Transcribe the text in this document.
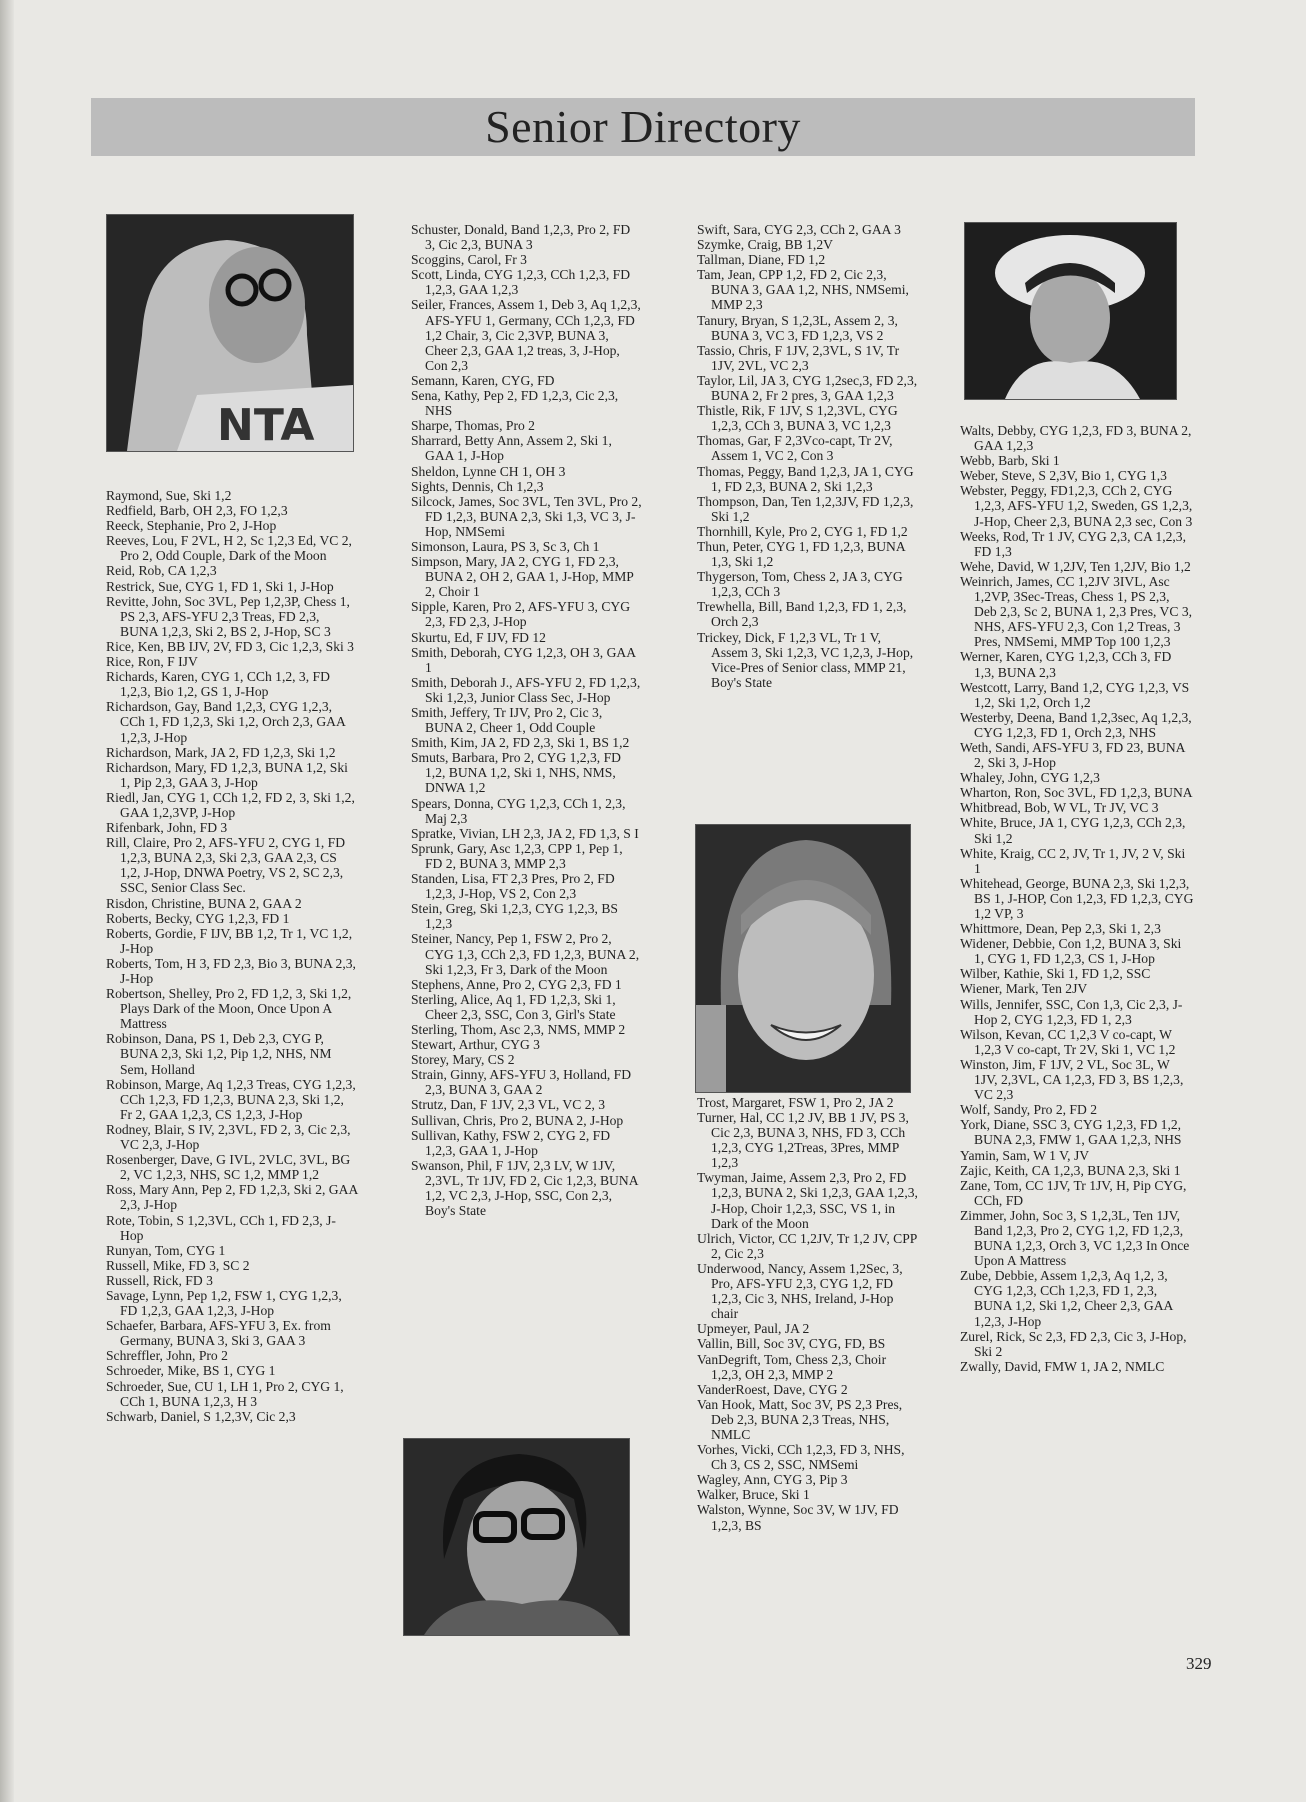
Senior Directory
NTA

Raymond, Sue, Ski 1,2

Redfield, Barb, OH 2,3, FO 1,2,3

Reeck, Stephanie, Pro 2, J-Hop

Reeves, Lou, F 2VL, H 2, Sc 1,2,3 Ed, VC 2, Pro 2, Odd Couple, Dark of the Moon

Reid, Rob, CA 1,2,3

Restrick, Sue, CYG 1, FD 1, Ski 1, J-Hop

Revitte, John, Soc 3VL, Pep 1,2,3P, Chess 1, PS 2,3, AFS-YFU 2,3 Treas, FD 2,3, BUNA 1,2,3, Ski 2, BS 2, J-Hop, SC 3

Rice, Ken, BB IJV, 2V, FD 3, Cic 1,2,3, Ski 3

Rice, Ron, F IJV

Richards, Karen, CYG 1, CCh 1,2, 3, FD 1,2,3, Bio 1,2, GS 1, J-Hop

Richardson, Gay, Band 1,2,3, CYG 1,2,3, CCh 1, FD 1,2,3, Ski 1,2, Orch 2,3, GAA 1,2,3, J-Hop

Richardson, Mark, JA 2, FD 1,2,3, Ski 1,2

Richardson, Mary, FD 1,2,3, BUNA 1,2, Ski 1, Pip 2,3, GAA 3, J-Hop

Riedl, Jan, CYG 1, CCh 1,2, FD 2, 3, Ski 1,2, GAA 1,2,3VP, J-Hop

Rifenbark, John, FD 3

Rill, Claire, Pro 2, AFS-YFU 2, CYG 1, FD 1,2,3, BUNA 2,3, Ski 2,3, GAA 2,3, CS 1,2, J-Hop, DNWA Poetry, VS 2, SC 2,3, SSC, Senior Class Sec.

Risdon, Christine, BUNA 2, GAA 2

Roberts, Becky, CYG 1,2,3, FD 1

Roberts, Gordie, F IJV, BB 1,2, Tr 1, VC 1,2, J-Hop

Roberts, Tom, H 3, FD 2,3, Bio 3, BUNA 2,3, J-Hop

Robertson, Shelley, Pro 2, FD 1,2, 3, Ski 1,2, Plays Dark of the Moon, Once Upon A Mattress

Robinson, Dana, PS 1, Deb 2,3, CYG P, BUNA 2,3, Ski 1,2, Pip 1,2, NHS, NM Sem, Holland

Robinson, Marge, Aq 1,2,3 Treas, CYG 1,2,3, CCh 1,2,3, FD 1,2,3, BUNA 2,3, Ski 1,2, Fr 2, GAA 1,2,3, CS 1,2,3, J-Hop

Rodney, Blair, S IV, 2,3VL, FD 2, 3, Cic 2,3, VC 2,3, J-Hop

Rosenberger, Dave, G IVL, 2VLC, 3VL, BG 2, VC 1,2,3, NHS, SC 1,2, MMP 1,2

Ross, Mary Ann, Pep 2, FD 1,2,3, Ski 2, GAA 2,3, J-Hop

Rote, Tobin, S 1,2,3VL, CCh 1, FD 2,3, J-Hop

Runyan, Tom, CYG 1

Russell, Mike, FD 3, SC 2

Russell, Rick, FD 3

Savage, Lynn, Pep 1,2, FSW 1, CYG 1,2,3, FD 1,2,3, GAA 1,2,3, J-Hop

Schaefer, Barbara, AFS-YFU 3, Ex. from Germany, BUNA 3, Ski 3, GAA 3

Schreffler, John, Pro 2

Schroeder, Mike, BS 1, CYG 1

Schroeder, Sue, CU 1, LH 1, Pro 2, CYG 1, CCh 1, BUNA 1,2,3, H 3

Schwarb, Daniel, S 1,2,3V, Cic 2,3

Schuster, Donald, Band 1,2,3, Pro 2, FD 3, Cic 2,3, BUNA 3

Scoggins, Carol, Fr 3

Scott, Linda, CYG 1,2,3, CCh 1,2,3, FD 1,2,3, GAA 1,2,3

Seiler, Frances, Assem 1, Deb 3, Aq 1,2,3, AFS-YFU 1, Germany, CCh 1,2,3, FD 1,2 Chair, 3, Cic 2,3VP, BUNA 3, Cheer 2,3, GAA 1,2 treas, 3, J-Hop, Con 2,3

Semann, Karen, CYG, FD

Sena, Kathy, Pep 2, FD 1,2,3, Cic 2,3, NHS

Sharpe, Thomas, Pro 2

Sharrard, Betty Ann, Assem 2, Ski 1, GAA 1, J-Hop

Sheldon, Lynne CH 1, OH 3

Sights, Dennis, Ch 1,2,3

Silcock, James, Soc 3VL, Ten 3VL, Pro 2, FD 1,2,3, BUNA 2,3, Ski 1,3, VC 3, J-Hop, NMSemi

Simonson, Laura, PS 3, Sc 3, Ch 1

Simpson, Mary, JA 2, CYG 1, FD 2,3, BUNA 2, OH 2, GAA 1, J-Hop, MMP 2, Choir 1

Sipple, Karen, Pro 2, AFS-YFU 3, CYG 2,3, FD 2,3, J-Hop

Skurtu, Ed, F IJV, FD 12

Smith, Deborah, CYG 1,2,3, OH 3, GAA 1

Smith, Deborah J., AFS-YFU 2, FD 1,2,3, Ski 1,2,3, Junior Class Sec, J-Hop

Smith, Jeffery, Tr IJV, Pro 2, Cic 3, BUNA 2, Cheer 1, Odd Couple

Smith, Kim, JA 2, FD 2,3, Ski 1, BS 1,2

Smuts, Barbara, Pro 2, CYG 1,2,3, FD 1,2, BUNA 1,2, Ski 1, NHS, NMS, DNWA 1,2

Spears, Donna, CYG 1,2,3, CCh 1, 2,3, Maj 2,3

Spratke, Vivian, LH 2,3, JA 2, FD 1,3, S I

Sprunk, Gary, Asc 1,2,3, CPP 1, Pep 1, FD 2, BUNA 3, MMP 2,3

Standen, Lisa, FT 2,3 Pres, Pro 2, FD 1,2,3, J-Hop, VS 2, Con 2,3

Stein, Greg, Ski 1,2,3, CYG 1,2,3, BS 1,2,3

Steiner, Nancy, Pep 1, FSW 2, Pro 2, CYG 1,3, CCh 2,3, FD 1,2,3, BUNA 2, Ski 1,2,3, Fr 3, Dark of the Moon

Stephens, Anne, Pro 2, CYG 2,3, FD 1

Sterling, Alice, Aq 1, FD 1,2,3, Ski 1, Cheer 2,3, SSC, Con 3, Girl's State

Sterling, Thom, Asc 2,3, NMS, MMP 2

Stewart, Arthur, CYG 3

Storey, Mary, CS 2

Strain, Ginny, AFS-YFU 3, Holland, FD 2,3, BUNA 3, GAA 2

Strutz, Dan, F 1JV, 2,3 VL, VC 2, 3

Sullivan, Chris, Pro 2, BUNA 2, J-Hop

Sullivan, Kathy, FSW 2, CYG 2, FD 1,2,3, GAA 1, J-Hop

Swanson, Phil, F 1JV, 2,3 LV, W 1JV, 2,3VL, Tr 1JV, FD 2, Cic 1,2,3, BUNA 1,2, VC 2,3, J-Hop, SSC, Con 2,3, Boy's State

Swift, Sara, CYG 2,3, CCh 2, GAA 3

Szymke, Craig, BB 1,2V

Tallman, Diane, FD 1,2

Tam, Jean, CPP 1,2, FD 2, Cic 2,3, BUNA 3, GAA 1,2, NHS, NMSemi, MMP 2,3

Tanury, Bryan, S 1,2,3L, Assem 2, 3, BUNA 3, VC 3, FD 1,2,3, VS 2

Tassio, Chris, F 1JV, 2,3VL, S 1V, Tr 1JV, 2VL, VC 2,3

Taylor, Lil, JA 3, CYG 1,2sec,3, FD 2,3, BUNA 2, Fr 2 pres, 3, GAA 1,2,3

Thistle, Rik, F 1JV, S 1,2,3VL, CYG 1,2,3, CCh 3, BUNA 3, VC 1,2,3

Thomas, Gar, F 2,3Vco-capt, Tr 2V, Assem 1, VC 2, Con 3

Thomas, Peggy, Band 1,2,3, JA 1, CYG 1, FD 2,3, BUNA 2, Ski 1,2,3

Thompson, Dan, Ten 1,2,3JV, FD 1,2,3, Ski 1,2

Thornhill, Kyle, Pro 2, CYG 1, FD 1,2

Thun, Peter, CYG 1, FD 1,2,3, BUNA 1,3, Ski 1,2

Thygerson, Tom, Chess 2, JA 3, CYG 1,2,3, CCh 3

Trewhella, Bill, Band 1,2,3, FD 1, 2,3, Orch 2,3

Trickey, Dick, F 1,2,3 VL, Tr 1 V, Assem 3, Ski 1,2,3, VC 1,2,3, J-Hop, Vice-Pres of Senior class, MMP 21, Boy's State

Trost, Margaret, FSW 1, Pro 2, JA 2

Turner, Hal, CC 1,2 JV, BB 1 JV, PS 3, Cic 2,3, BUNA 3, NHS, FD 3, CCh 1,2,3, CYG 1,2Treas, 3Pres, MMP 1,2,3

Twyman, Jaime, Assem 2,3, Pro 2, FD 1,2,3, BUNA 2, Ski 1,2,3, GAA 1,2,3, J-Hop, Choir 1,2,3, SSC, VS 1, in Dark of the Moon

Ulrich, Victor, CC 1,2JV, Tr 1,2 JV, CPP 2, Cic 2,3

Underwood, Nancy, Assem 1,2Sec, 3, Pro, AFS-YFU 2,3, CYG 1,2, FD 1,2,3, Cic 3, NHS, Ireland, J-Hop chair

Upmeyer, Paul, JA 2

Vallin, Bill, Soc 3V, CYG, FD, BS

VanDegrift, Tom, Chess 2,3, Choir 1,2,3, OH 2,3, MMP 2

VanderRoest, Dave, CYG 2

Van Hook, Matt, Soc 3V, PS 2,3 Pres, Deb 2,3, BUNA 2,3 Treas, NHS, NMLC

Vorhes, Vicki, CCh 1,2,3, FD 3, NHS, Ch 3, CS 2, SSC, NMSemi

Wagley, Ann, CYG 3, Pip 3

Walker, Bruce, Ski 1

Walston, Wynne, Soc 3V, W 1JV, FD 1,2,3, BS

Walts, Debby, CYG 1,2,3, FD 3, BUNA 2, GAA 1,2,3

Webb, Barb, Ski 1

Weber, Steve, S 2,3V, Bio 1, CYG 1,3

Webster, Peggy, FD1,2,3, CCh 2, CYG 1,2,3, AFS-YFU 1,2, Sweden, GS 1,2,3, J-Hop, Cheer 2,3, BUNA 2,3 sec, Con 3

Weeks, Rod, Tr 1 JV, CYG 2,3, CA 1,2,3, FD 1,3

Wehe, David, W 1,2JV, Ten 1,2JV, Bio 1,2

Weinrich, James, CC 1,2JV 3IVL, Asc 1,2VP, 3Sec-Treas, Chess 1, PS 2,3, Deb 2,3, Sc 2, BUNA 1, 2,3 Pres, VC 3, NHS, AFS-YFU 2,3, Con 1,2 Treas, 3 Pres, NMSemi, MMP Top 100 1,2,3

Werner, Karen, CYG 1,2,3, CCh 3, FD 1,3, BUNA 2,3

Westcott, Larry, Band 1,2, CYG 1,2,3, VS 1,2, Ski 1,2, Orch 1,2

Westerby, Deena, Band 1,2,3sec, Aq 1,2,3, CYG 1,2,3, FD 1, Orch 2,3, NHS

Weth, Sandi, AFS-YFU 3, FD 23, BUNA 2, Ski 3, J-Hop

Whaley, John, CYG 1,2,3

Wharton, Ron, Soc 3VL, FD 1,2,3, BUNA

Whitbread, Bob, W VL, Tr JV, VC 3

White, Bruce, JA 1, CYG 1,2,3, CCh 2,3, Ski 1,2

White, Kraig, CC 2, JV, Tr 1, JV, 2 V, Ski 1

Whitehead, George, BUNA 2,3, Ski 1,2,3, BS 1, J-HOP, Con 1,2,3, FD 1,2,3, CYG 1,2 VP, 3

Whittmore, Dean, Pep 2,3, Ski 1, 2,3

Widener, Debbie, Con 1,2, BUNA 3, Ski 1, CYG 1, FD 1,2,3, CS 1, J-Hop

Wilber, Kathie, Ski 1, FD 1,2, SSC

Wiener, Mark, Ten 2JV

Wills, Jennifer, SSC, Con 1,3, Cic 2,3, J-Hop 2, CYG 1,2,3, FD 1, 2,3

Wilson, Kevan, CC 1,2,3 V co-capt, W 1,2,3 V co-capt, Tr 2V, Ski 1, VC 1,2

Winston, Jim, F 1JV, 2 VL, Soc 3L, W 1JV, 2,3VL, CA 1,2,3, FD 3, BS 1,2,3, VC 2,3

Wolf, Sandy, Pro 2, FD 2

York, Diane, SSC 3, CYG 1,2,3, FD 1,2, BUNA 2,3, FMW 1, GAA 1,2,3, NHS

Yamin, Sam, W 1 V, JV

Zajic, Keith, CA 1,2,3, BUNA 2,3, Ski 1

Zane, Tom, CC 1JV, Tr 1JV, H, Pip CYG, CCh, FD

Zimmer, John, Soc 3, S 1,2,3L, Ten 1JV, Band 1,2,3, Pro 2, CYG 1,2, FD 1,2,3, BUNA 1,2,3, Orch 3, VC 1,2,3 In Once Upon A Mattress

Zube, Debbie, Assem 1,2,3, Aq 1,2, 3, CYG 1,2,3, CCh 1,2,3, FD 1, 2,3, BUNA 1,2, Ski 1,2, Cheer 2,3, GAA 1,2,3, J-Hop

Zurel, Rick, Sc 2,3, FD 2,3, Cic 3, J-Hop, Ski 2

Zwally, David, FMW 1, JA 2, NMLC

329
